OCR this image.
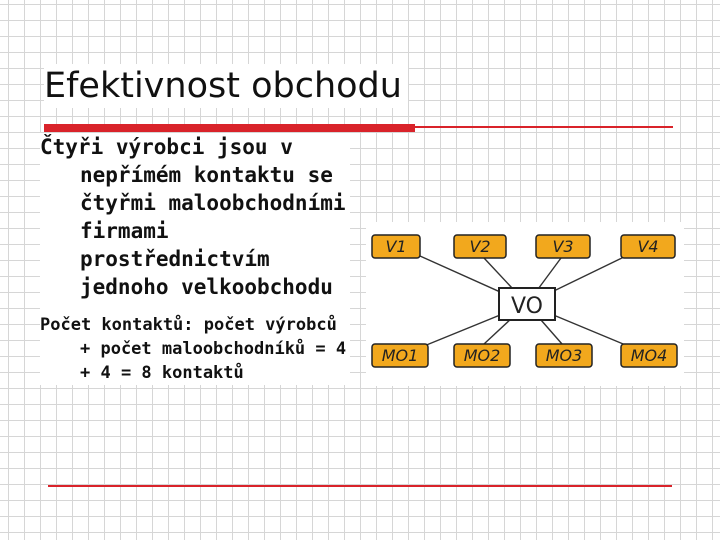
Efektivnost obchodu

Čtyři výrobci jsou v nepřímém kontaktu se čtyřmi maloobchodními firmami prostřednictvím jednoho velkoobchodu

Počet kontaktů: počet výrobců + počet maloobchodníků = 4 + 4 = 8 kontaktů

VO
V1	V2	V3	V4
MO1	MO2	MO3	MO4
